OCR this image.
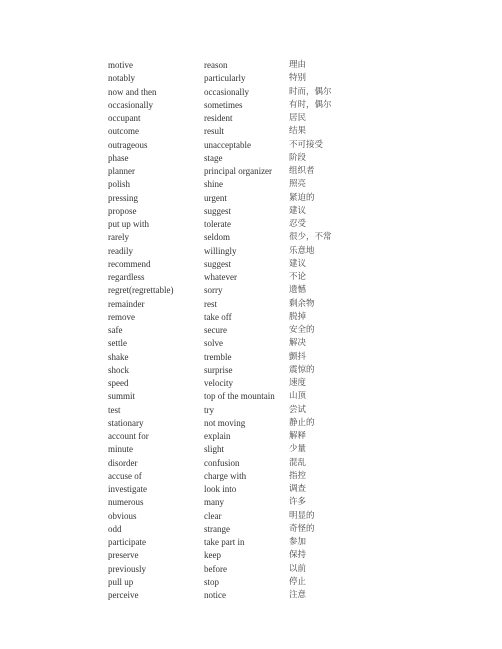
motive	reason	理由
notably	particularly	特别
now and then	occasionally	时而，偶尔
occasionally	sometimes	有时，偶尔
occupant	resident	居民
outcome	result	结果
outrageous	unacceptable	不可接受
phase	stage	阶段
planner	principal organizer 组织者
polish	shine	照亮
pressing	urgent	紧迫的
propose	suggest	建议
put up with	tolerate	忍受
rarely	seldom	很少，不常
readily	willingly	乐意地
recommend	suggest	建议
regardless	whatever	不论
regret(regrettable)	sorry	遗憾
remainder	rest	剩余物
remove	take off	脱掉
safe	secure	安全的
settle	solve	解决
shake	tremble	颤抖
shock	surprise	震惊的
speed	velocity	速度
summit	top of the mountain 山顶
test	try	尝试
stationary	not moving	静止的
account for	explain	解释
minute	slight	少量
disorder	confusion	混乱
accuse of	charge with	指控
investigate	look into	调查
numerous	many	许多
obvious	clear	明显的
odd	strange	奇怪的
participate	take part in	参加
preserve	keep	保持
previously	before	以前
pull up	stop	停止
perceive	notice	注意
